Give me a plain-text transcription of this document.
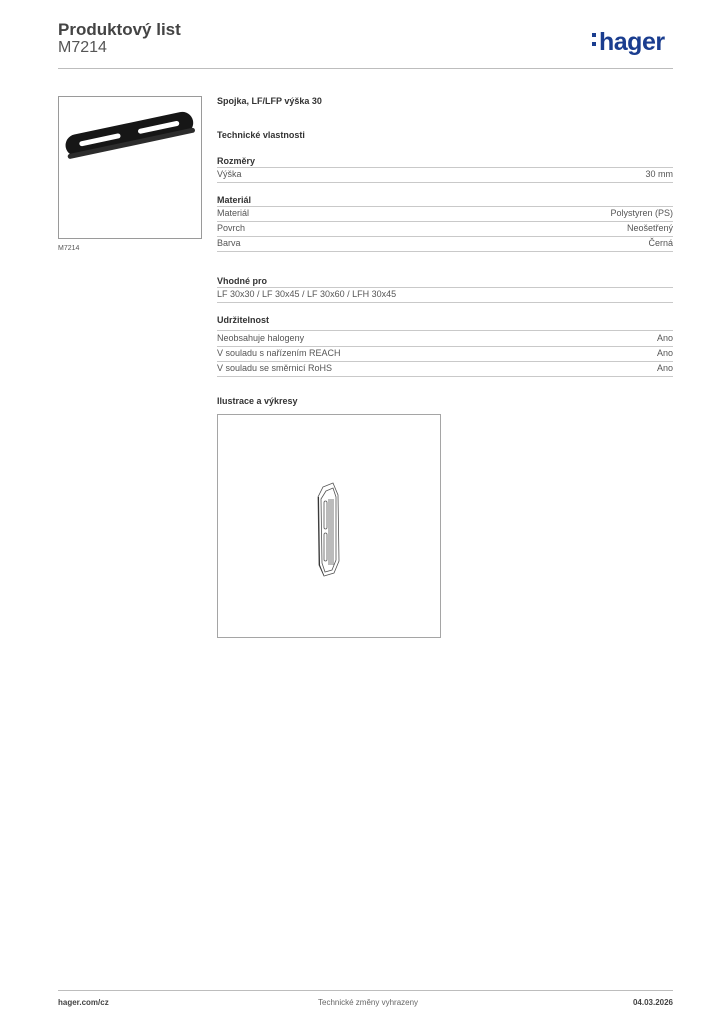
Produktový list
M7214	hager
M7214
Spojka, LF/LFP výška 30
Technické vlastnosti
Rozměry
Výška	30 mm
Materiál
Materiál	Polystyren (PS)
Povrch	Neošetřený
Barva	Černá
Vhodné pro
LF 30x30 / LF 30x45 / LF 30x60 / LFH 30x45
Udržitelnost
Neobsahuje halogeny	Ano
V souladu s nařízením REACH	Ano
V souladu se směrnicí RoHS	Ano
Ilustrace a výkresy
hager.com/cz	Technické změny vyhrazeny	04.03.2026
